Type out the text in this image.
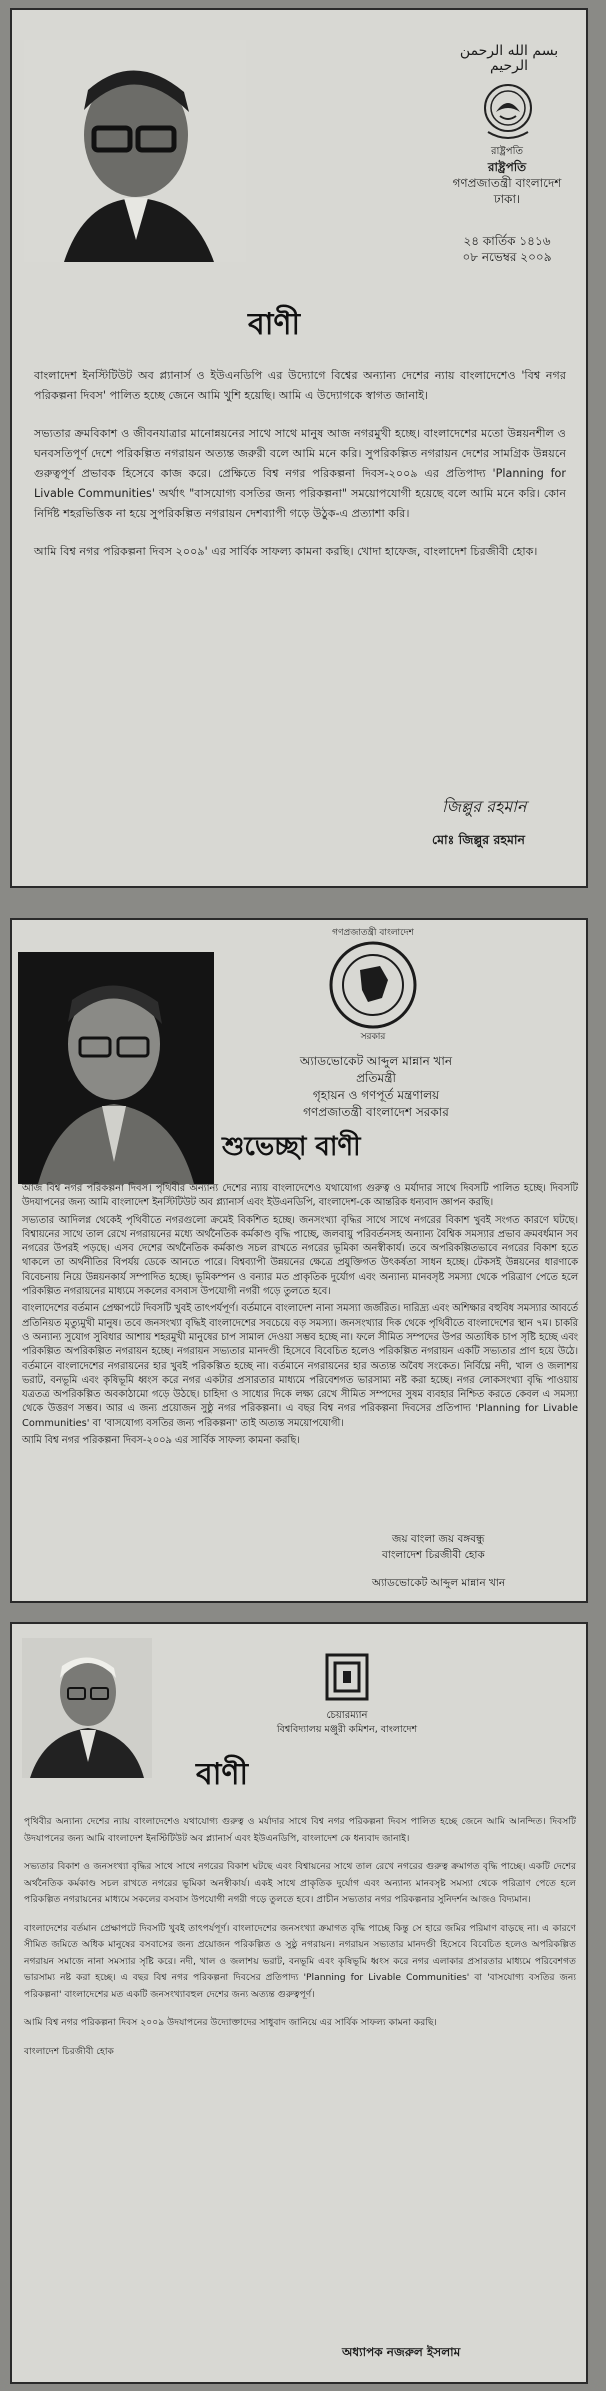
بسم الله الرحمن الرحيم
রাষ্ট্রপতি
রাষ্ট্রপতি
গণপ্রজাতন্ত্রী বাংলাদেশ
ঢাকা।
২৪ কার্তিক ১৪১৬
০৮ নভেম্বর ২০০৯
বাণী

বাংলাদেশ ইনস্টিটিউট অব প্ল্যানার্স ও ইউএনডিপি এর উদ্যোগে বিশ্বের অন্যান্য দেশের ন্যায় বাংলাদেশেও 'বিশ্ব নগর পরিকল্পনা দিবস' পালিত হচ্ছে জেনে আমি খুশি হয়েছি। আমি এ উদ্যোগকে স্বাগত জানাই।

সভ্যতার ক্রমবিকাশ ও জীবনযাত্রার মানোন্নয়নের সাথে সাথে মানুষ আজ নগরমুখী হচ্ছে। বাংলাদেশের মতো উন্নয়নশীল ও ঘনবসতিপূর্ণ দেশে পরিকল্পিত নগরায়ন অত্যন্ত জরুরী বলে আমি মনে করি। সুপরিকল্পিত নগরায়ন দেশের সামগ্রিক উন্নয়নে গুরুত্বপূর্ণ প্রভাবক হিসেবে কাজ করে। প্রেক্ষিতে বিশ্ব নগর পরিকল্পনা দিবস-২০০৯ এর প্রতিপাদ্য 'Planning for Livable Communities' অর্থাৎ "বাসযোগ্য বসতির জন্য পরিকল্পনা" সময়োপযোগী হয়েছে বলে আমি মনে করি। কোন নির্দিষ্ট শহরভিত্তিক না হয়ে সুপরিকল্পিত নগরায়ন দেশব্যাপী গড়ে উঠুক-এ প্রত্যাশা করি।

আমি বিশ্ব নগর পরিকল্পনা দিবস ২০০৯' এর সার্বিক সাফল্য কামনা করছি। খোদা হাফেজ, বাংলাদেশ চিরজীবী হোক।

জিল্লুর রহমান
মোঃ জিল্লুর রহমান
গণপ্রজাতন্ত্রী বাংলাদেশ
সরকার
অ্যাডভোকেট আব্দুল মান্নান খান
প্রতিমন্ত্রী
গৃহায়ন ও গণপূর্ত মন্ত্রণালয়
গণপ্রজাতন্ত্রী বাংলাদেশ সরকার
শুভেচ্ছা বাণী

আজ বিশ্ব নগর পরিকল্পনা দিবস। পৃথিবীর অন্যান্য দেশের ন্যায় বাংলাদেশেও যথাযোগ্য গুরুত্ব ও মর্যাদার সাথে দিবসটি পালিত হচ্ছে। দিবসটি উদযাপনের জন্য আমি বাংলাদেশ ইনস্টিটিউট অব প্ল্যানার্স এবং ইউএনডিপি, বাংলাদেশ-কে আন্তরিক ধন্যবাদ জ্ঞাপন করছি।

সভ্যতার আদিলগ্ন থেকেই পৃথিবীতে নগরগুলো ক্রমেই বিকশিত হচ্ছে। জনসংখ্যা বৃদ্ধির সাথে সাথে নগরের বিকাশ খুবই সংগত কারণে ঘটছে। বিশ্বায়নের সাথে তাল রেখে নগরায়নের মধ্যে অর্থনৈতিক কর্মকাণ্ড বৃদ্ধি পাচ্ছে, জলবায়ু পরিবর্তনসহ অন্যান্য বৈশ্বিক সমস্যার প্রভাব ক্রমবর্ধমান সব নগরের উপরই পড়ছে। এসব দেশের অর্থনৈতিক কর্মকাণ্ড সচল রাখতে নগরের ভূমিকা অনস্বীকার্য। তবে অপরিকল্পিতভাবে নগরের বিকাশ হতে থাকলে তা অর্থনীতির বিপর্যয় ডেকে আনতে পারে। বিশ্বব্যাপী উন্নয়নের ক্ষেত্রে প্রযুক্তিগত উৎকর্ষতা সাধন হচ্ছে। টেকসই উন্নয়নের ধারণাকে বিবেচনায় নিয়ে উন্নয়নকার্য সম্পাদিত হচ্ছে। ভূমিকম্পন ও বন্যার মত প্রাকৃতিক দুর্যোগ এবং অন্যান্য মানবসৃষ্ট সমস্যা থেকে পরিত্রাণ পেতে হলে পরিকল্পিত নগরায়নের মাধ্যমে সকলের বসবাস উপযোগী নগরী গড়ে তুলতে হবে।

বাংলাদেশের বর্তমান প্রেক্ষাপটে দিবসটি খুবই তাৎপর্যপূর্ণ। বর্তমানে বাংলাদেশ নানা সমস্যা জর্জরিত। দারিদ্র্য এবং অশিক্ষার বহুবিধ সমস্যার আবর্তে প্রতিনিয়ত মৃত্যুমুখী মানুষ। তবে জনসংখ্যা বৃদ্ধিই বাংলাদেশের সবচেয়ে বড় সমস্যা। জনসংখ্যার দিক থেকে পৃথিবীতে বাংলাদেশের স্থান ৭ম। চাকরি ও অন্যান্য সুযোগ সুবিধার আশায় শহরমুখী মানুষের চাপ সামাল দেওয়া সম্ভব হচ্ছে না। ফলে সীমিত সম্পদের উপর অত্যধিক চাপ সৃষ্টি হচ্ছে এবং পরিকল্পিত অপরিকল্পিত নগরায়ন হচ্ছে। নগরায়ন সভ্যতার মানদণ্ডী হিসেবে বিবেচিত হলেও পরিকল্পিত নগরায়ন একটি সভ্যতার প্রাণ হয়ে উঠে। বর্তমানে বাংলাদেশের নগরায়নের হার খুবই পরিকল্পিত হচ্ছে না। বর্তমানে নগরায়নের হার অত্যন্ত অবৈধ সংকেত। নির্বিঘ্নে নদী, খাল ও জলাশয় ভরাট, বনভূমি এবং কৃষিভূমি ধ্বংস করে নগর একটার প্রসারতার মাধ্যমে পরিবেশগত ভারসাম্য নষ্ট করা হচ্ছে। নগর লোকসংখ্যা বৃদ্ধি পাওয়ায় যত্রতত্র অপরিকল্পিত অবকাঠামো গড়ে উঠছে। চাহিদা ও সাধ্যের দিকে লক্ষ্য রেখে সীমিত সম্পদের সুষম ব্যবহার নিশ্চিত করতে কেবল এ সমস্যা থেকে উত্তরণ সম্ভব। আর এ জন্য প্রয়োজন সুষ্ঠু নগর পরিকল্পনা। এ বছর বিশ্ব নগর পরিকল্পনা দিবসের প্রতিপাদ্য 'Planning for Livable Communities' বা 'বাসযোগ্য বসতির জন্য পরিকল্পনা' তাই অত্যন্ত সময়োপযোগী।

আমি বিশ্ব নগর পরিকল্পনা দিবস-২০০৯ এর সার্বিক সাফল্য কামনা করছি।

জয় বাংলা জয় বঙ্গবন্ধু
বাংলাদেশ চিরজীবী হোক
অ্যাডভোকেট আব্দুল মান্নান খান
চেয়ারম্যান
বিশ্ববিদ্যালয় মঞ্জুরী কমিশন, বাংলাদেশ
বাণী

পৃথিবীর অন্যান্য দেশের ন্যায় বাংলাদেশেও যথাযোগ্য গুরুত্ব ও মর্যাদার সাথে বিশ্ব নগর পরিকল্পনা দিবস পালিত হচ্ছে জেনে আমি আনন্দিত। দিবসটি উদযাপনের জন্য আমি বাংলাদেশ ইনস্টিটিউট অব প্ল্যানার্স এবং ইউএনডিপি, বাংলাদেশ কে ধন্যবাদ জানাই।

সভ্যতার বিকাশ ও জনসংখ্যা বৃদ্ধির সাথে সাথে নগরের বিকাশ ঘটছে এবং বিশ্বায়নের সাথে তাল রেখে নগরের গুরুত্ব ক্রমাগত বৃদ্ধি পাচ্ছে। একটি দেশের অর্থনৈতিক কর্মকাণ্ড সচল রাখতে নগরের ভূমিকা অনস্বীকার্য। একই সাথে প্রাকৃতিক দুর্যোগ এবং অন্যান্য মানবসৃষ্ট সমস্যা থেকে পরিত্রাণ পেতে হলে পরিকল্পিত নগরায়নের মাধ্যমে সকলের বসবাস উপযোগী নগরী গড়ে তুলতে হবে। প্রাচীন সভ্যতার নগর পরিকল্পনার সুনিদর্শন আজও বিদ্যমান।

বাংলাদেশের বর্তমান প্রেক্ষাপটে দিবসটি খুবই তাৎপর্যপূর্ণ। বাংলাদেশের জনসংখ্যা ক্রমাগত বৃদ্ধি পাচ্ছে কিন্তু সে হারে জমির পরিমাণ বাড়ছে না। এ কারণে সীমিত জমিতে অধিক মানুষের বসবাসের জন্য প্রয়োজন পরিকল্পিত ও সুষ্ঠু নগরায়ন। নগরায়ন সভ্যতার মানদণ্ডী হিসেবে বিবেচিত হলেও অপরিকল্পিত নগরায়ন সমাজে নানা সমস্যার সৃষ্টি করে। নদী, খাল ও জলাশয় ভরাট, বনভূমি এবং কৃষিভূমি ধ্বংস করে নগর এলাকার প্রসারতার মাধ্যমে পরিবেশগত ভারসাম্য নষ্ট করা হচ্ছে। এ বছর বিশ্ব নগর পরিকল্পনা দিবসের প্রতিপাদ্য 'Planning for Livable Communities' বা 'বাসযোগ্য বসতির জন্য পরিকল্পনা' বাংলাদেশের মত একটি জনসংখ্যাবহুল দেশের জন্য অত্যন্ত গুরুত্বপূর্ণ।

আমি বিশ্ব নগর পরিকল্পনা দিবস ২০০৯ উদযাপনের উদ্যোক্তাদের সাধুবাদ জানিয়ে এর সার্বিক সাফল্য কামনা করছি।

বাংলাদেশ চিরজীবী হোক

অধ্যাপক নজরুল ইসলাম
